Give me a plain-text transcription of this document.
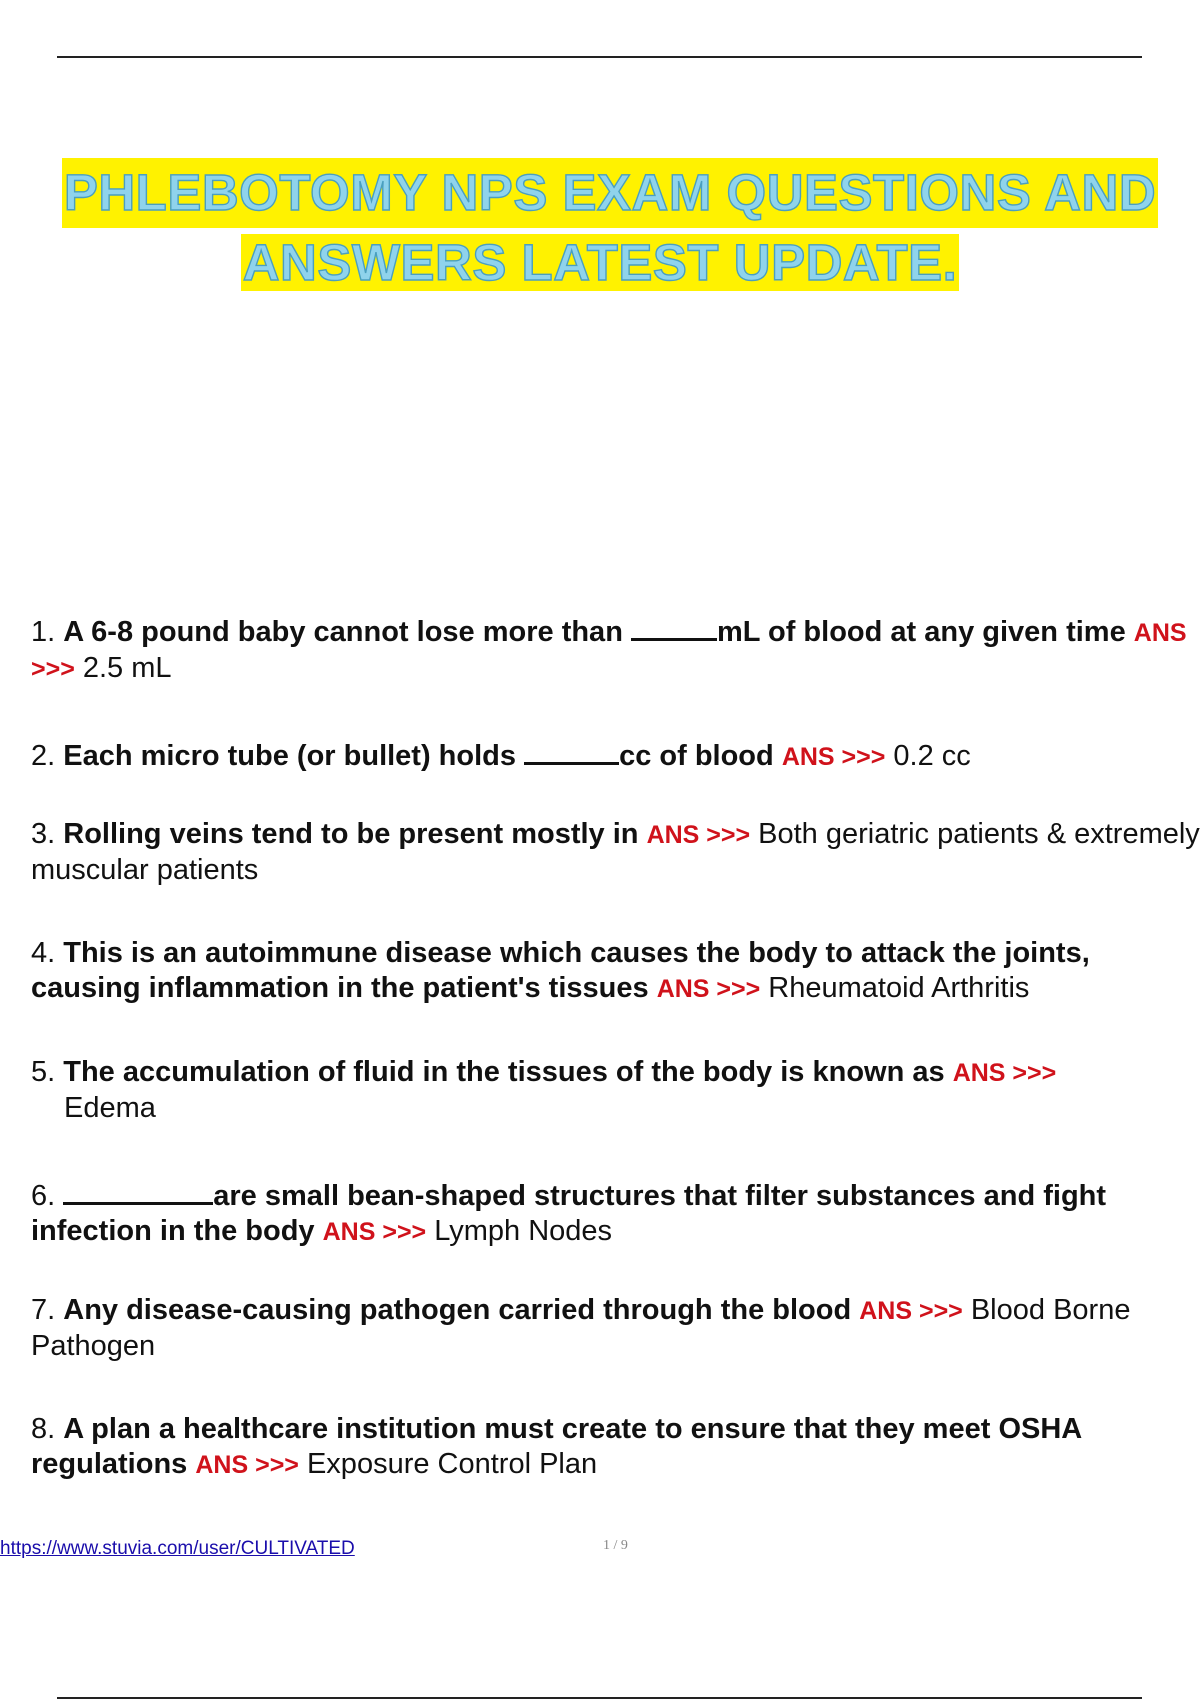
PHLEBOTOMY NPS EXAM QUESTIONS AND
ANSWERS LATEST UPDATE.
1. A 6-8 pound baby cannot lose more than	mL of blood at any given time ANS >>> 2.5 mL
2. Each micro tube (or bullet) holds	cc of blood ANS >>> 0.2 cc
3. Rolling veins tend to be present mostly in ANS >>> Both geriatric patients & extremely muscular patients
4. This is an autoimmune disease which causes the body to attack the joints, causing inflammation in the patient's tissues ANS >>> Rheumatoid Arthritis
5. The accumulation of fluid in the tissues of the body is known as ANS >>>
Edema
6.	are small bean-shaped structures that filter substances and fight infection in the body ANS >>> Lymph Nodes
7. Any disease-causing pathogen carried through the blood ANS >>> Blood Borne Pathogen
8. A plan a healthcare institution must create to ensure that they meet OSHA regulations ANS >>> Exposure Control Plan
https://www.stuvia.com/user/CULTIVATED	1 / 9
